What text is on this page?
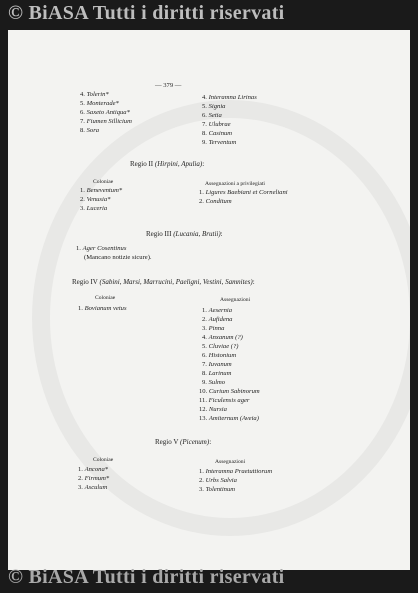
© BiASA Tutti i diritti riservati

— 379 —

4. Tolerin*

5. Monterade*

6. Saxeto Antiqua*

7. Fiumen Sillicium

8. Sora

4. Interamna Lirinas

5. Signia

6. Setia

7. Ulubrae

8. Casinum

9. Terventum

Regio II (Hirpini, Apulia):

Coloniae	Assegnazioni a privilegiati

1. Beneventum*

2. Venusia*

3. Luceria

1. Ligures Baebiani et Corneliani

2. Conditum

Regio III (Lucania, Brutii):

1. Ager Cosentinus

(Mancano notizie sicure).

Regio IV (Sabini, Marsi, Marrucini, Paeligni, Vestini, Samnites):

Coloniae	Assegnazioni

1. Bovianum vetus	1. Aesernia

2. Aufidena

3. Pinna

4. Anxanum (?)

5. Cluviae (?)

6. Histonium

7. Iuvanum

8. Larinum

9. Sulmo

10. Curium Sabinorum

11. Ficulensis ager

12. Nursia

13. Amiternum (Aveia)

Regio V (Picenum):

Coloniae	Assegnazioni

1. Ancona*

2. Firmum*

3. Asculum

1. Interamna Praetuttiorum

2. Urbs Salvia

3. Tolentinum

© BiASA Tutti i diritti riservati
